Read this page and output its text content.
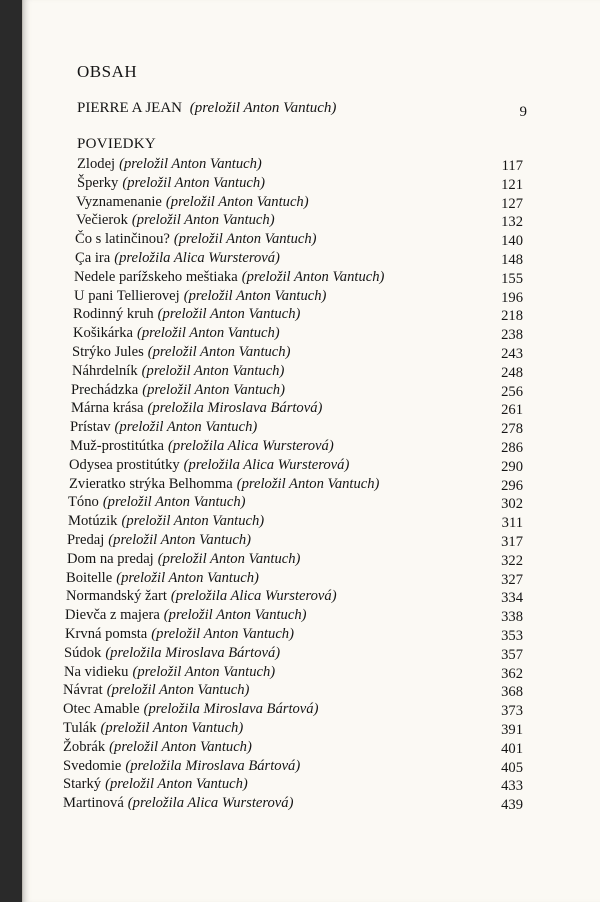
OBSAH
PIERRE A JEAN (preložil Anton Vantuch)	9
POVIEDKY
Zlodej (preložil Anton Vantuch)	117
Šperky (preložil Anton Vantuch)	121
Vyznamenanie (preložil Anton Vantuch)	127
Večierok (preložil Anton Vantuch)	132
Čo s latinčinou? (preložil Anton Vantuch)	140
Ça ira (preložila Alica Wursterová)	148
Nedele parížskeho meštiaka (preložil Anton Vantuch)	155
U pani Tellierovej (preložil Anton Vantuch)	196
Rodinný kruh (preložil Anton Vantuch)	218
Košikárka (preložil Anton Vantuch)	238
Strýko Jules (preložil Anton Vantuch)	243
Náhrdelník (preložil Anton Vantuch)	248
Prechádzka (preložil Anton Vantuch)	256
Márna krása (preložila Miroslava Bártová)	261
Prístav (preložil Anton Vantuch)	278
Muž-prostitútka (preložila Alica Wursterová)	286
Odysea prostitútky (preložila Alica Wursterová)	290
Zvieratko strýka Belhomma (preložil Anton Vantuch)	296
Tóno (preložil Anton Vantuch)	302
Motúzik (preložil Anton Vantuch)	311
Predaj (preložil Anton Vantuch)	317
Dom na predaj (preložil Anton Vantuch)	322
Boitelle (preložil Anton Vantuch)	327
Normandský žart (preložila Alica Wursterová)	334
Dievča z majera (preložil Anton Vantuch)	338
Krvná pomsta (preložil Anton Vantuch)	353
Súdok (preložila Miroslava Bártová)	357
Na vidieku (preložil Anton Vantuch)	362
Návrat (preložil Anton Vantuch)	368
Otec Amable (preložila Miroslava Bártová)	373
Tulák (preložil Anton Vantuch)	391
Žobrák (preložil Anton Vantuch)	401
Svedomie (preložila Miroslava Bártová)	405
Starký (preložil Anton Vantuch)	433
Martinová (preložila Alica Wursterová)	439
